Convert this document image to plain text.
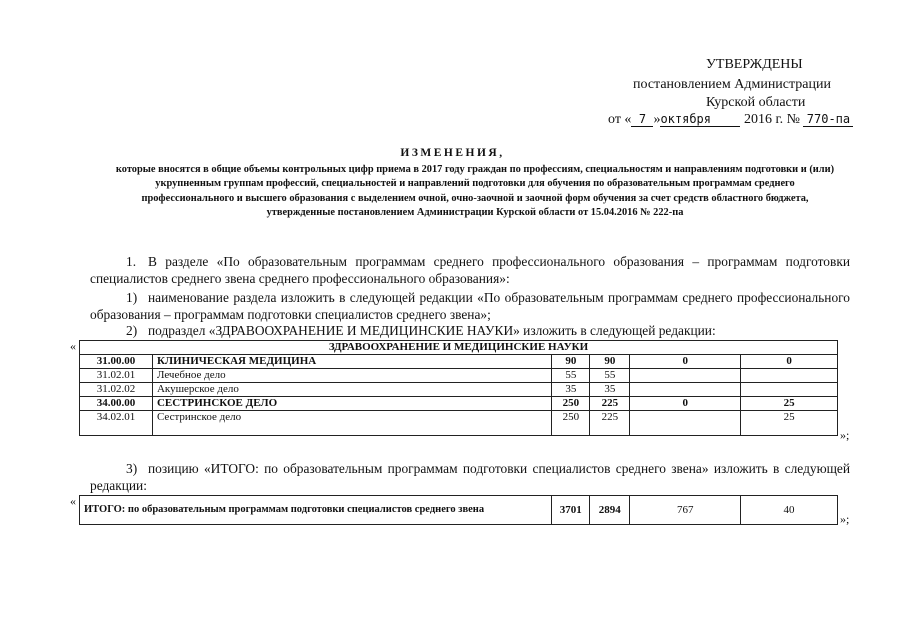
УТВЕРЖДЕНЫ
постановлением Администрации
Курской области
от « 7 »октября 2016 г. № 770-па
ИЗМЕНЕНИЯ,
которые вносятся в общие объемы контрольных цифр приема в 2017 году граждан по профессиям, специальностям и направлениям подготовки и (или) укрупненным группам профессий, специальностей и направлений подготовки для обучения по образовательным программам среднего профессионального и высшего образования с выделением очной, очно-заочной и заочной форм обучения за счет средств областного бюджета, утвержденные постановлением Администрации Курской области от 15.04.2016 № 222-па
1. В разделе «По образовательным программам среднего профессионального образования – программам подготовки специалистов среднего звена среднего профессионального образования»:
1) наименование раздела изложить в следующей редакции «По образовательным программам среднего профессионального образования – программам подготовки специалистов среднего звена»;
2) подраздел «ЗДРАВООХРАНЕНИЕ И МЕДИЦИНСКИЕ НАУКИ» изложить в следующей редакции:
«	ЗДРАВООХРАНЕНИЕ И МЕДИЦИНСКИЕ НАУКИ					
31.00.00	КЛИНИЧЕСКАЯ МЕДИЦИНА	90	90	0	0
31.02.01	Лечебное дело	55	55		
31.02.02	Акушерское дело	35	35		
34.00.00	СЕСТРИНСКОЕ ДЕЛО	250	225	0	25
34.02.01	Сестринское дело	250	225		25
»;
3) позицию «ИТОГО: по образовательным программам подготовки специалистов среднего звена» изложить в следующей редакции:
«
ИТОГО: по образовательным программам подготовки специалистов среднего звена	3701	2894	767	40
»;
